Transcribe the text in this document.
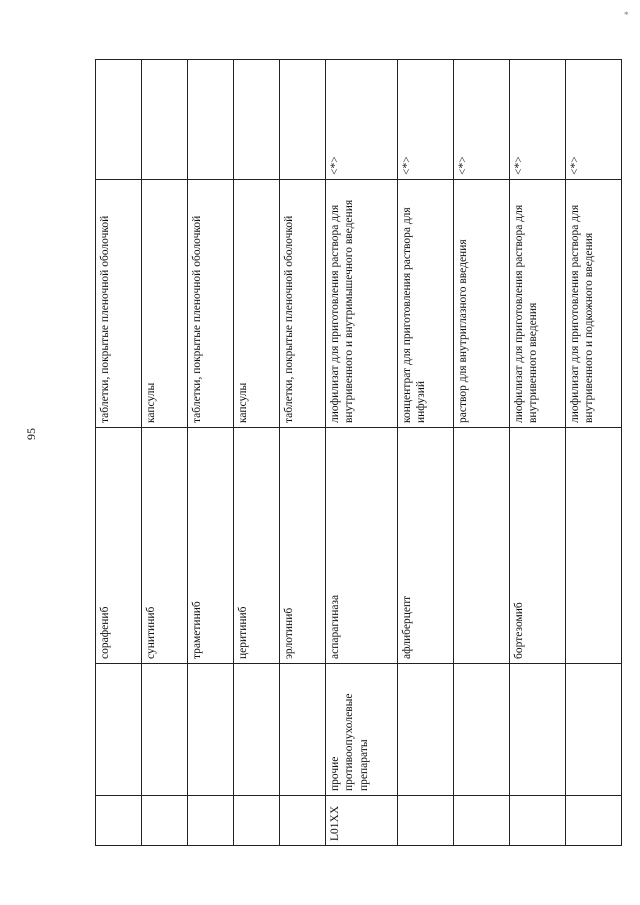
95
*
		сорафениб	таблетки, покрытые пленочной оболочкой	
		сунитиниб	капсулы	
		траметиниб	таблетки, покрытые пленочной оболочкой	
		церитиниб	капсулы	
		эрлотиниб	таблетки, покрытые пленочной оболочкой	
L01XX	прочие противоопухолевые препараты	аспарагиназа	лиофилизат для приготовления раствора для внутривенного и внутримышечного введения	<*>
		афлиберцепт	концентрат для приготовления раствора для инфузий	<*>
			раствор для внутриглазного введения	<*>
		бортезомиб	лиофилизат для приготовления раствора для внутривенного введения	<*>
			лиофилизат для приготовления раствора для внутривенного и подкожного введения	<*>
